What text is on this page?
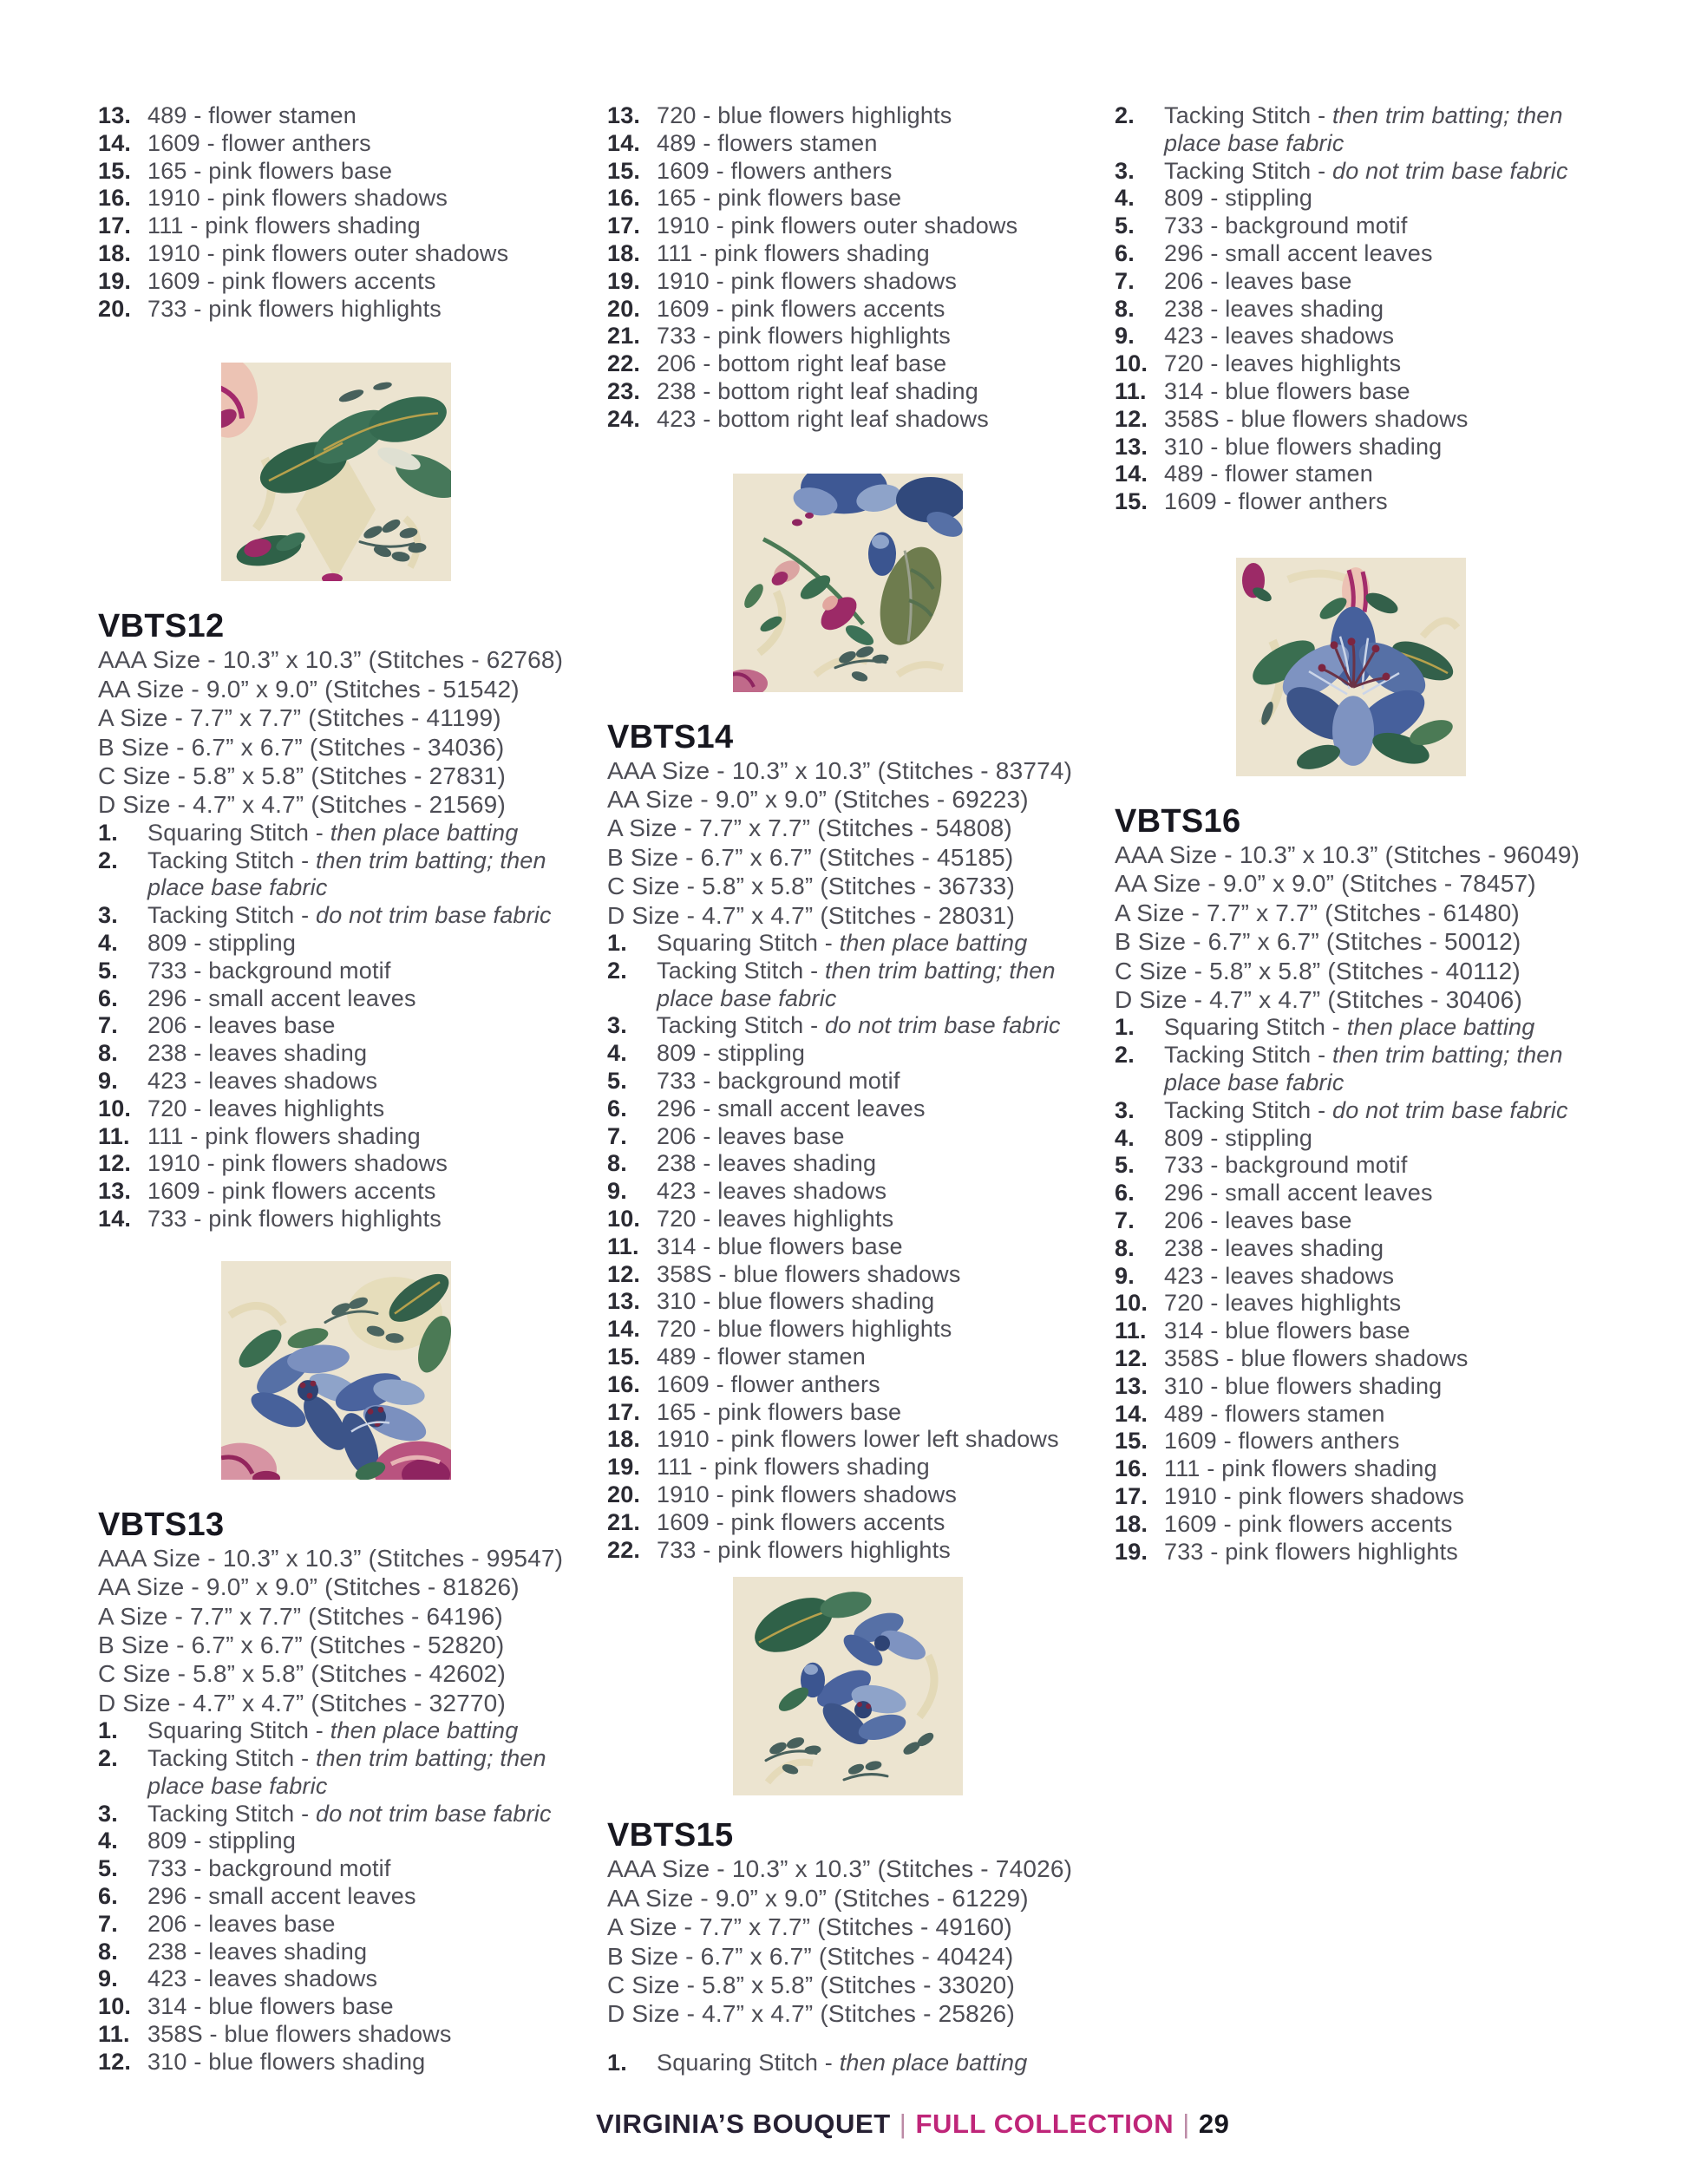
13. 489 - flower stamen
14. 1609 - flower anthers
15. 165 - pink flowers base
16. 1910 - pink flowers shadows
17. 111 - pink flowers shading
18. 1910 - pink flowers outer shadows
19. 1609 - pink flowers accents
20. 733 - pink flowers highlights
VBTS12
AAA Size - 10.3” x 10.3” (Stitches - 62768)
AA Size - 9.0” x 9.0” (Stitches - 51542)
A Size - 7.7” x 7.7” (Stitches - 41199)
B Size - 6.7” x 6.7” (Stitches - 34036)
C Size - 5.8” x 5.8” (Stitches - 27831)
D Size - 4.7” x 4.7” (Stitches - 21569)
1.	Squaring Stitch - then place batting
2.	Tacking Stitch - then trim batting; then place base fabric
3.	Tacking Stitch - do not trim base fabric
4.	809 - stippling
5.	733 - background motif
6.	296 - small accent leaves
7.	206 - leaves base
8.	238 - leaves shading
9.	423 - leaves shadows
10. 720 - leaves highlights
11. 111 - pink flowers shading
12. 1910 - pink flowers shadows
13. 1609 - pink flowers accents
14. 733 - pink flowers highlights
VBTS13
AAA Size - 10.3” x 10.3” (Stitches - 99547)
AA Size - 9.0” x 9.0” (Stitches - 81826)
A Size - 7.7” x 7.7” (Stitches - 64196)
B Size - 6.7” x 6.7” (Stitches - 52820)
C Size - 5.8” x 5.8” (Stitches - 42602)
D Size - 4.7” x 4.7” (Stitches - 32770)
1.	Squaring Stitch - then place batting
2.	Tacking Stitch - then trim batting; then place base fabric
3.	Tacking Stitch - do not trim base fabric
4.	809 - stippling
5.	733 - background motif
6.	296 - small accent leaves
7.	206 - leaves base
8.	238 - leaves shading
9.	423 - leaves shadows
10. 314 - blue flowers base
11. 358S - blue flowers shadows
12. 310 - blue flowers shading
13. 720 - blue flowers highlights
14. 489 - flowers stamen
15. 1609 - flowers anthers
16. 165 - pink flowers base
17. 1910 - pink flowers outer shadows
18. 111 - pink flowers shading
19. 1910 - pink flowers shadows
20. 1609 - pink flowers accents
21. 733 - pink flowers highlights
22. 206 - bottom right leaf base
23. 238 - bottom right leaf shading
24. 423 - bottom right leaf shadows
VBTS14
AAA Size - 10.3” x 10.3” (Stitches - 83774)
AA Size - 9.0” x 9.0” (Stitches - 69223)
A Size - 7.7” x 7.7” (Stitches - 54808)
B Size - 6.7” x 6.7” (Stitches - 45185)
C Size - 5.8” x 5.8” (Stitches - 36733)
D Size - 4.7” x 4.7” (Stitches - 28031)
1.	Squaring Stitch - then place batting
2.	Tacking Stitch - then trim batting; then place base fabric
3.	Tacking Stitch - do not trim base fabric
4.	809 - stippling
5.	733 - background motif
6.	296 - small accent leaves
7.	206 - leaves base
8.	238 - leaves shading
9.	423 - leaves shadows
10. 720 - leaves highlights
11. 314 - blue flowers base
12. 358S - blue flowers shadows
13. 310 - blue flowers shading
14. 720 - blue flowers highlights
15. 489 - flower stamen
16. 1609 - flower anthers
17. 165 - pink flowers base
18. 1910 - pink flowers lower left shadows
19. 111 - pink flowers shading
20. 1910 - pink flowers shadows
21. 1609 - pink flowers accents
22. 733 - pink flowers highlights
VBTS15
AAA Size - 10.3” x 10.3” (Stitches - 74026)
AA Size - 9.0” x 9.0” (Stitches - 61229)
A Size - 7.7” x 7.7” (Stitches - 49160)
B Size - 6.7” x 6.7” (Stitches - 40424)
C Size - 5.8” x 5.8” (Stitches - 33020)
D Size - 4.7” x 4.7” (Stitches - 25826)
1.	Squaring Stitch - then place batting
2.	Tacking Stitch - then trim batting; then place base fabric
3.	Tacking Stitch - do not trim base fabric
4.	809 - stippling
5.	733 - background motif
6.	296 - small accent leaves
7.	206 - leaves base
8.	238 - leaves shading
9.	423 - leaves shadows
10. 720 - leaves highlights
11. 314 - blue flowers base
12. 358S - blue flowers shadows
13. 310 - blue flowers shading
14. 489 - flower stamen
15. 1609 - flower anthers
VBTS16
AAA Size - 10.3” x 10.3” (Stitches - 96049)
AA Size - 9.0” x 9.0” (Stitches - 78457)
A Size - 7.7” x 7.7” (Stitches - 61480)
B Size - 6.7” x 6.7” (Stitches - 50012)
C Size - 5.8” x 5.8” (Stitches - 40112)
D Size - 4.7” x 4.7” (Stitches - 30406)
1.	Squaring Stitch - then place batting
2.	Tacking Stitch - then trim batting; then place base fabric
3.	Tacking Stitch - do not trim base fabric
4.	809 - stippling
5.	733 - background motif
6.	296 - small accent leaves
7.	206 - leaves base
8.	238 - leaves shading
9.	423 - leaves shadows
10. 720 - leaves highlights
11. 314 - blue flowers base
12. 358S - blue flowers shadows
13. 310 - blue flowers shading
14. 489 - flowers stamen
15. 1609 - flowers anthers
16. 111 - pink flowers shading
17. 1910 - pink flowers shadows
18. 1609 - pink flowers accents
19. 733 - pink flowers highlights
VIRGINIA’S BOUQUET | FULL COLLECTION | 29
